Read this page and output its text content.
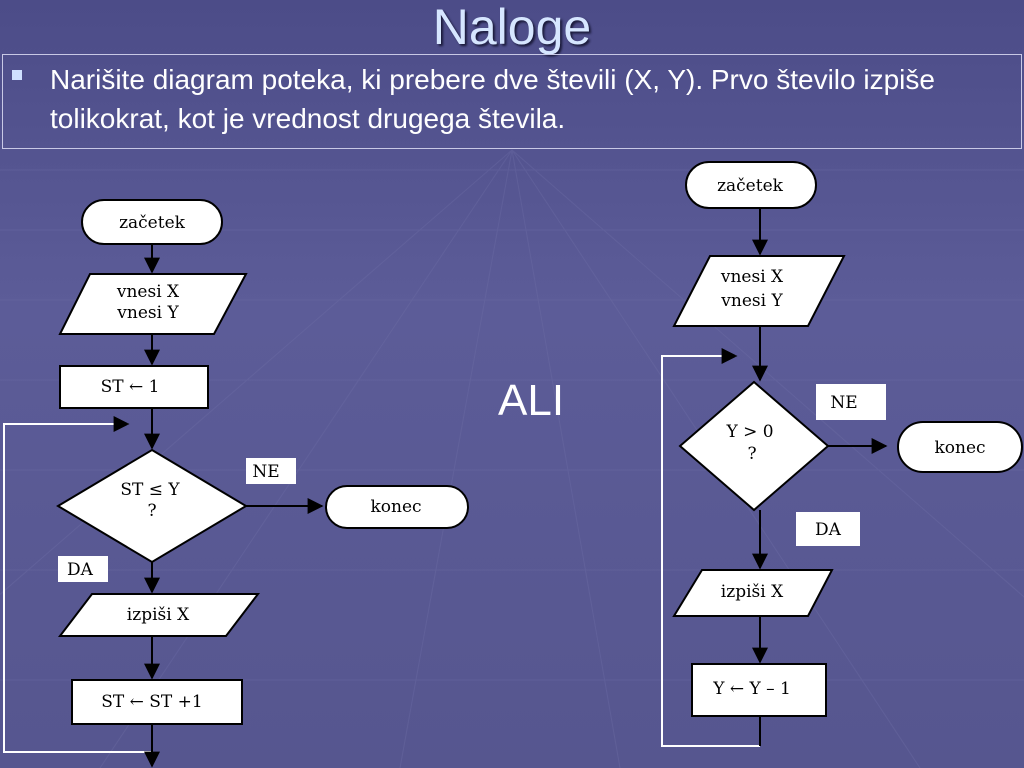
Naloge
Narišite diagram poteka, ki prebere dve števili (X, Y). Prvo število izpiše tolikokrat, kot je vrednost drugega števila.
ALI
začetek
vnesi X
vnesi Y
ST ← 1
ST ≤ Y
?
NE
konec
DA
izpiši X
ST ← ST +1
začetek
vnesi X
vnesi Y
Y > 0
?
NE
konec
DA
izpiši X
Y ← Y – 1
